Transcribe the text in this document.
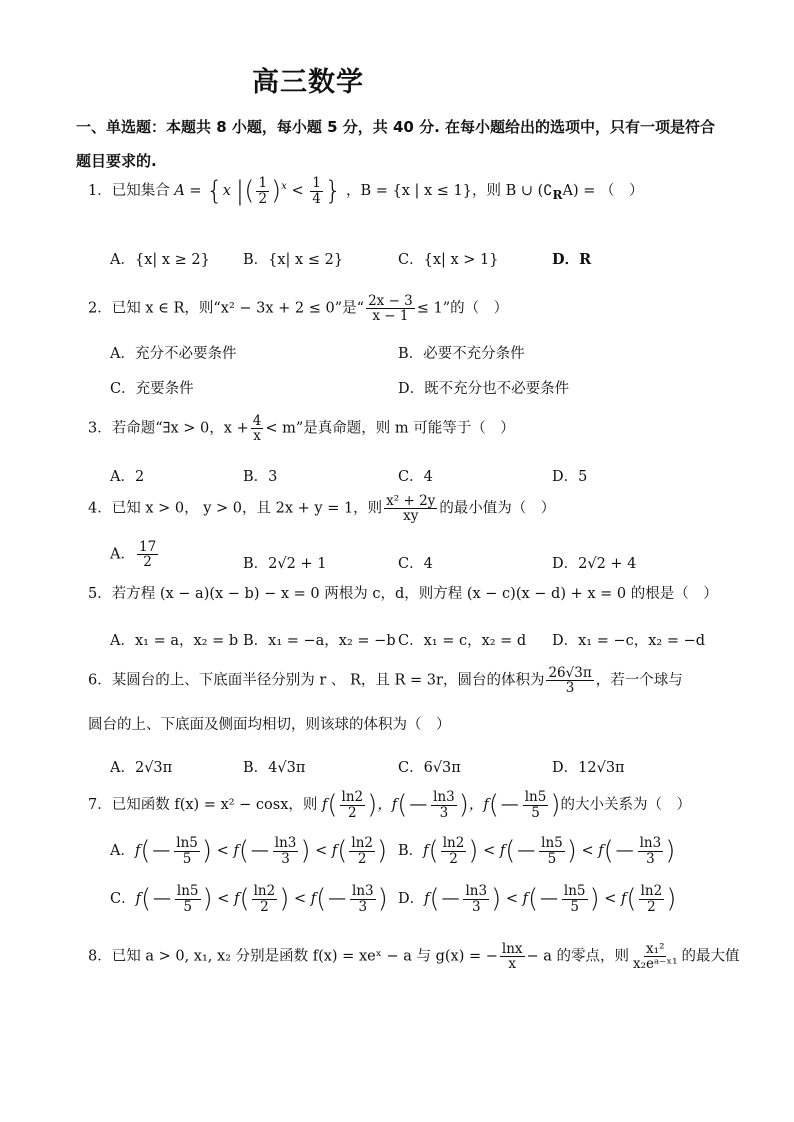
高三数学
一、单选题：本题共 8 小题，每小题 5 分，共 40 分. 在每小题给出的选项中，只有一项是符合题目要求的.
1．已知集合 A = {x |( $\frac{1}{2} )^x < \frac{1}{4}$ } ，B = {x | x ≤ 1}，则 B ∪ $(∁_RA)$ = （　）
A．{x| x ≥ 2} B．{x| x ≤ 2}	C．{x| x > 1}	D．R
2．已知 x ∈ R，则“x² − 3x + 2 ≤ 0”是“ $\frac{2x - 3}{x - 1} \le 1$”的（　）
A．充分不必要条件	B．必要不充分条件
C．充要条件	D．既不充分也不必要条件
3．若命题“∃x > 0，$x + \frac{4}{x} < m$”是真命题，则 m 可能等于（　）
A．2	B．3	C．4	D．5
4．已知 x > 0， y > 0，且 2x + y = 1，则 $\frac{\text{x² + 2y}}{xy}$ 的最小值为（　）
A． $\frac{17}{2}$	B．2√2 + 1	C．4	D．2√2 + 4
5．若方程 (x − a)(x − b) − x = 0 两根为 c，d，则方程 (x − c)(x − d) + x = 0 的根是（　）
A．x₁ = a，x₂ = b B．x₁ = −a，x₂ = −b C．x₁ = c，x₂ = d D．x₁ = −c，x₂ = −d
6．某圆台的上、下底面半径分别为 r 、 R，且 R = 3r，圆台的体积为 $\frac{26√3\pi}{3}$ ，若一个球与
圆台的上、下底面及侧面均相切，则该球的体积为（　）
A．2√3π	B．4√3π	C．6√3π	D．12√3π
7．已知函数 f(x) = x² − cosx，则 $f( \frac{\ln 2}{2}$ )，$f(- \frac{\ln 3}{3}$ )，$f(- \frac{\ln 5}{5}$ )的大小关系为（　）
A．$f(- \frac{\ln 5}{5}$ ) < $f(- \frac{\ln 3}{3}$ ) < $f( \frac{\ln 2}{2}$ ) B．$f( \frac{\ln 2}{2}$ ) < $f(- \frac{\ln 5}{5}$ ) < $f(- \frac{\ln 3}{3}$ )
C．$f(- \frac{\ln 5}{5}$ ) < $f( \frac{\ln 2}{2}$ ) < $f(- \frac{\ln 3}{3}$ ) D．$f(- \frac{\ln 3}{3}$ ) < $f(- \frac{\ln 5}{5}$ ) < $f( \frac{\ln 2}{2}$ )
8．已知 a > 0, x₁, x₂ 分别是函数 f(x) = xeˣ − a 与 g(x) = − $\frac{\ln x}{x} - a$ 的零点，则 $\frac{\text{x₁²}}{\text{x₂eᵃ⁻ˣ¹}}$ 的最大值
